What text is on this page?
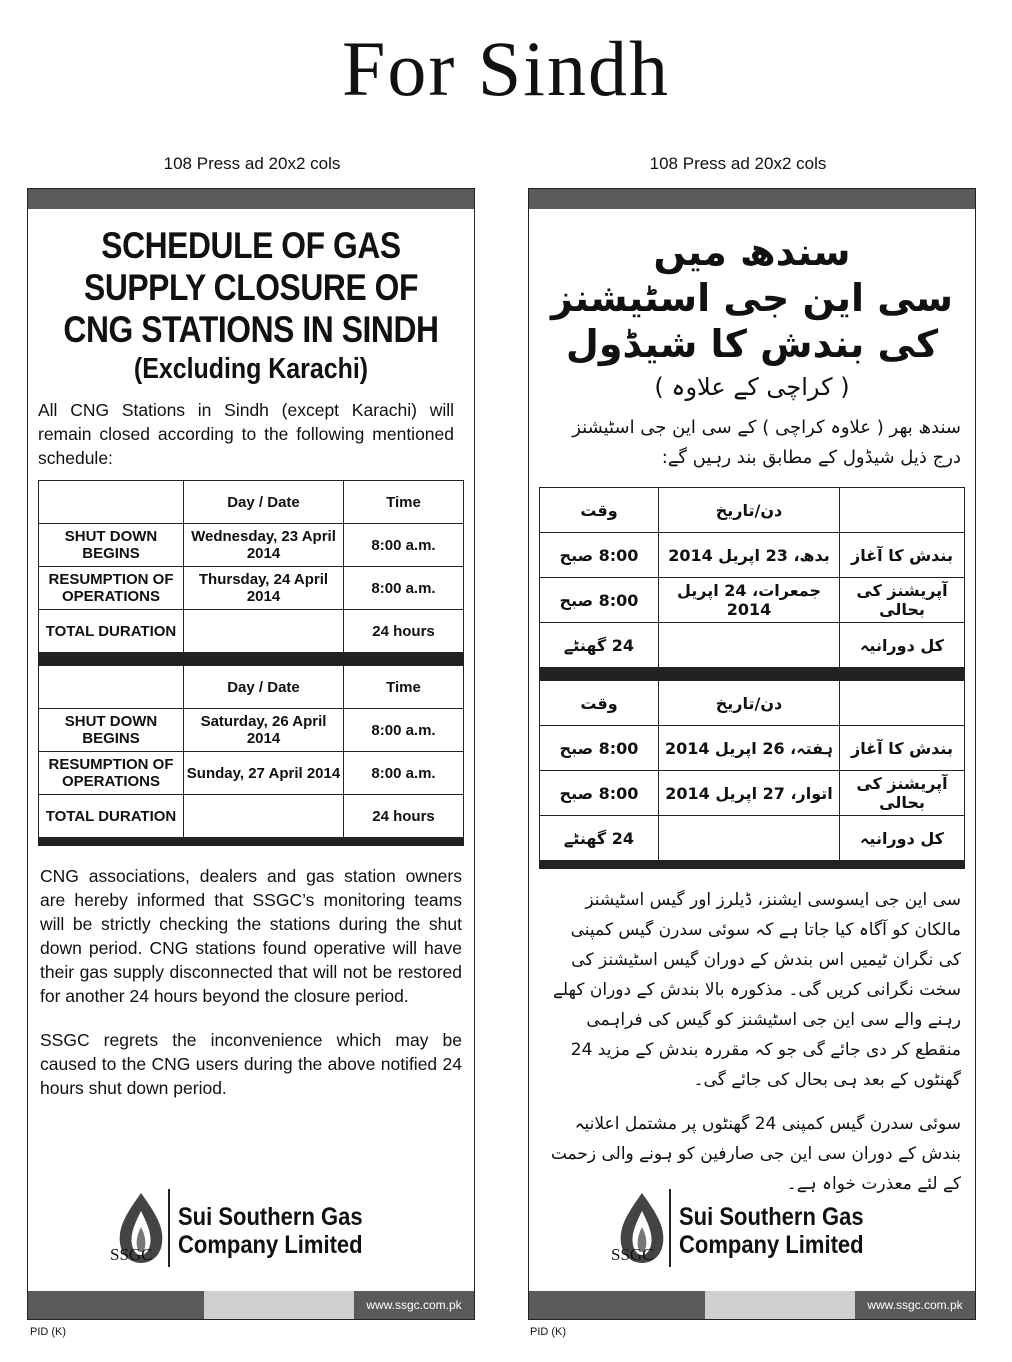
For Sindh
108 Press ad 20x2 cols	108 Press ad 20x2 cols
SCHEDULE OF GAS
SUPPLY CLOSURE OF
CNG STATIONS IN SINDH
(Excluding Karachi)
All CNG Stations in Sindh (except Karachi) will remain closed according to the following mentioned schedule:
	Day / Date	Time
SHUT DOWN BEGINS	Wednesday, 23 April 2014	8:00 a.m.
RESUMPTION OF OPERATIONS	Thursday, 24 April 2014	8:00 a.m.
TOTAL DURATION		24 hours
	Day / Date	Time
SHUT DOWN BEGINS	Saturday, 26 April 2014	8:00 a.m.
RESUMPTION OF OPERATIONS	Sunday, 27 April 2014	8:00 a.m.
TOTAL DURATION		24 hours
CNG associations, dealers and gas station owners are hereby informed that SSGC’s monitoring teams will be strictly checking the stations during the shut down period. CNG stations found operative will have their gas supply disconnected that will not be restored for another 24 hours beyond the closure period.
SSGC regrets the inconvenience which may be caused to the CNG users during the above notified 24 hours shut down period.
SSGC
Sui Southern Gas
Company Limited
www.ssgc.com.pk
PID (K)
سندھ میں
سی این جی اسٹیشنز
کی بندش کا شیڈول
( کراچی کے علاوہ )
سندھ بھر ( علاوہ کراچی ) کے سی این جی اسٹیشنز درج ذیل شیڈول کے مطابق بند رہیں گے:
	دن/تاریخ	وقت
بندش کا آغاز	بدھ، 23 اپریل 2014	8:00 صبح
آپریشنز کی بحالی	جمعرات، 24 اپریل 2014	8:00 صبح
کل دورانیہ		24 گھنٹے
	دن/تاریخ	وقت
بندش کا آغاز	ہفتہ، 26 اپریل 2014	8:00 صبح
آپریشنز کی بحالی	اتوار، 27 اپریل 2014	8:00 صبح
کل دورانیہ		24 گھنٹے
سی این جی ایسوسی ایشنز، ڈیلرز اور گیس اسٹیشنز مالکان کو آگاہ کیا جاتا ہے کہ سوئی سدرن گیس کمپنی کی نگران ٹیمیں اس بندش کے دوران گیس اسٹیشنز کی سخت نگرانی کریں گی۔ مذکورہ بالا بندش کے دوران کھلے رہنے والے سی این جی اسٹیشنز کو گیس کی فراہمی منقطع کر دی جائے گی جو کہ مقررہ بندش کے مزید 24 گھنٹوں کے بعد ہی بحال کی جائے گی۔
سوئی سدرن گیس کمپنی 24 گھنٹوں پر مشتمل اعلانیہ بندش کے دوران سی این جی صارفین کو ہونے والی زحمت کے لئے معذرت خواہ ہے۔
SSGC
Sui Southern Gas
Company Limited
www.ssgc.com.pk
PID (K)
